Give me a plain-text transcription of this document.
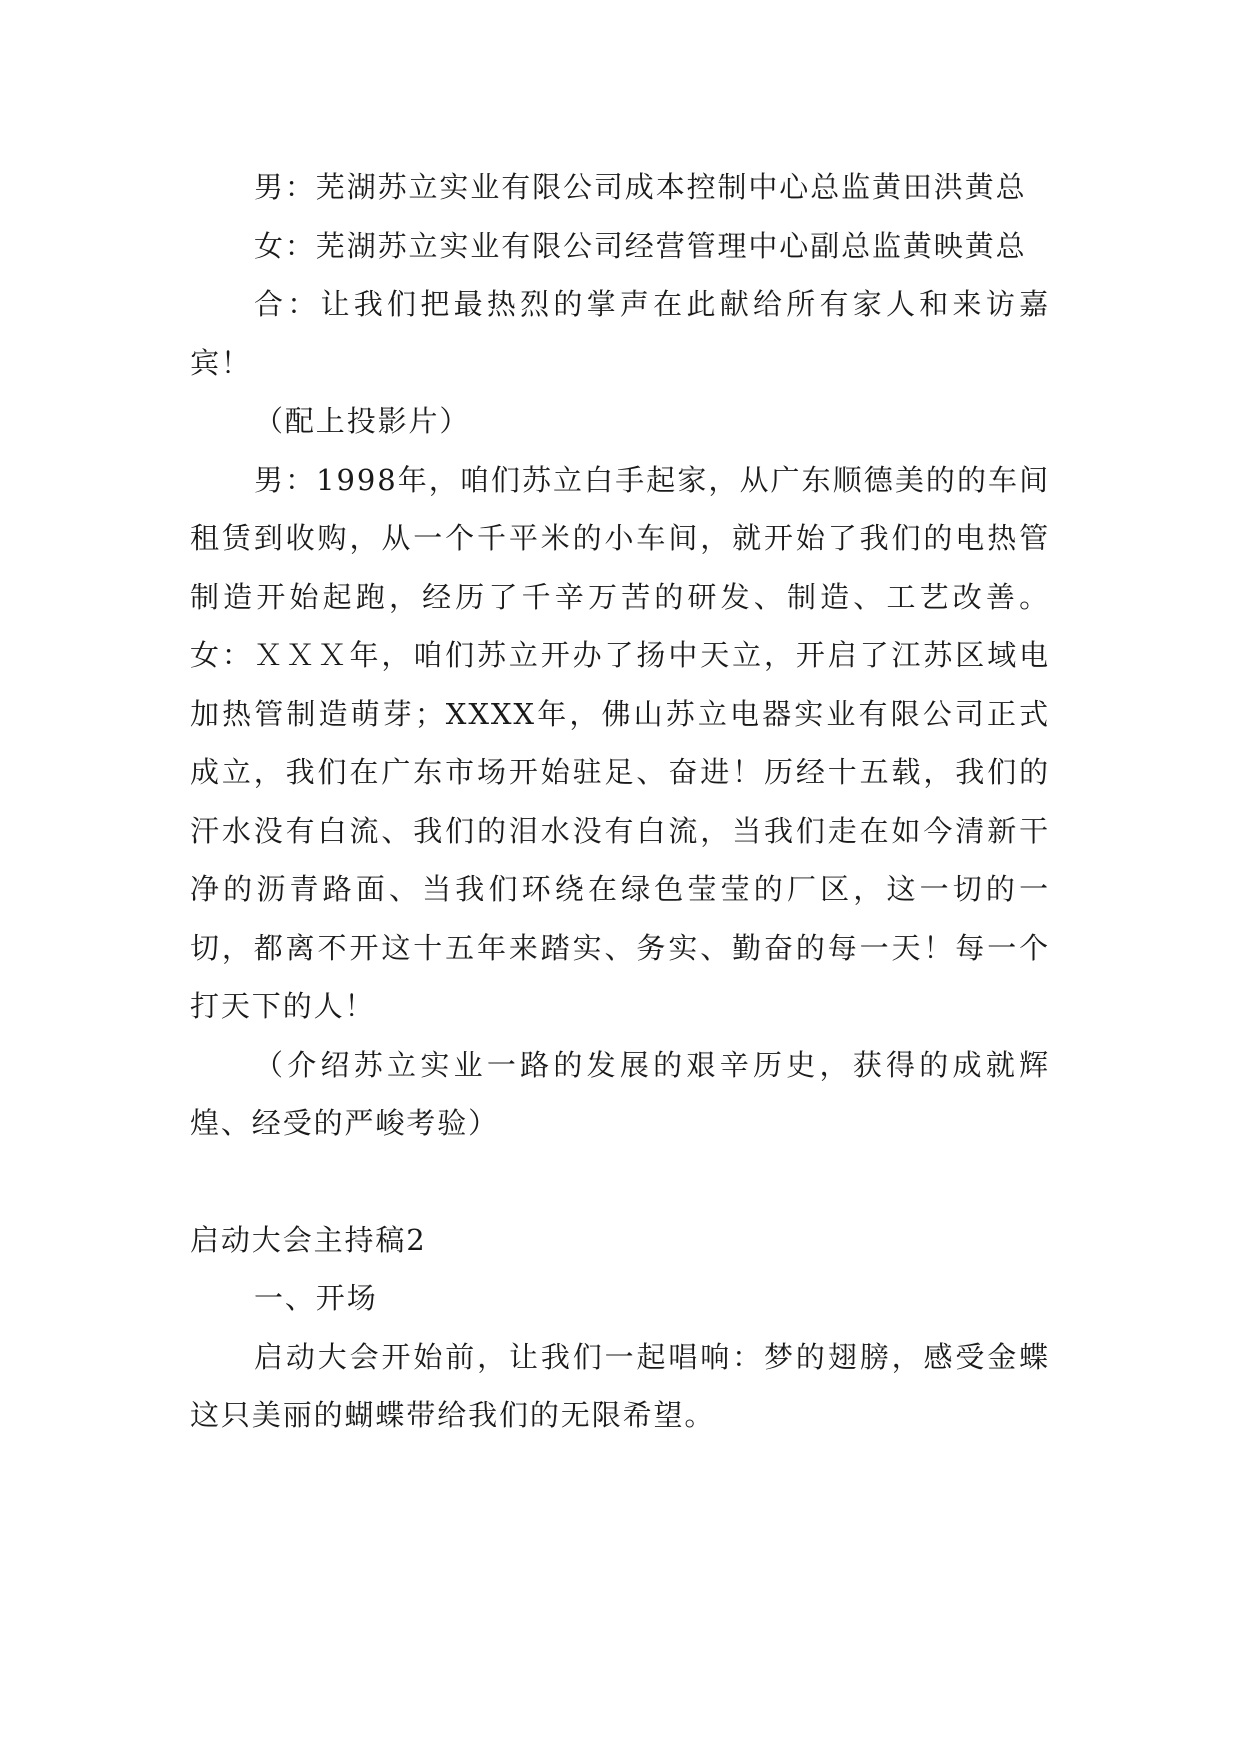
男：芜湖苏立实业有限公司成本控制中心总监黄田洪黄总

女：芜湖苏立实业有限公司经营管理中心副总监黄映黄总

合：让我们把最热烈的掌声在此献给所有家人和来访嘉宾！

（配上投影片）

男：1998年，咱们苏立白手起家，从广东顺德美的的车间租赁到收购，从一个千平米的小车间，就开始了我们的电热管制造开始起跑，经历了千辛万苦的研发、制造、工艺改善。 女：ＸＸＸ年，咱们苏立开办了扬中天立，开启了江苏区域电加热管制造萌芽；XXXX年，佛山苏立电器实业有限公司正式成立，我们在广东市场开始驻足、奋进！历经十五载，我们的汗水没有白流、我们的泪水没有白流，当我们走在如今清新干净的沥青路面、当我们环绕在绿色莹莹的厂区，这一切的一切，都离不开这十五年来踏实、务实、勤奋的每一天！每一个打天下的人！

（介绍苏立实业一路的发展的艰辛历史，获得的成就辉煌、经受的严峻考验）

启动大会主持稿2

一、开场

启动大会开始前，让我们一起唱响：梦的翅膀，感受金蝶这只美丽的蝴蝶带给我们的无限希望。
